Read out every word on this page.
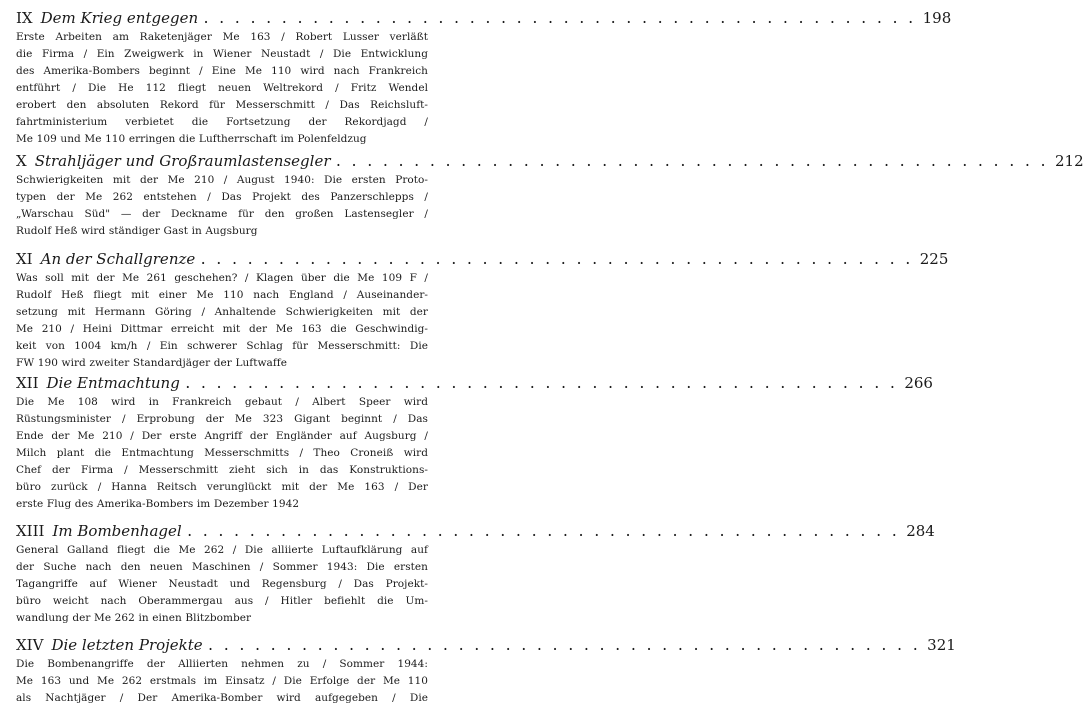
IX Dem Krieg entgegen . . . . . . . . . . . . . . . . . . . . . . . . . . . . . . . . . . . . . . . . . . . . . . 198
Erste Arbeiten am Raketenjäger Me 163 / Robert Lusser verläßt
die Firma / Ein Zweigwerk in Wiener Neustadt / Die Entwicklung
des Amerika-Bombers beginnt / Eine Me 110 wird nach Frankreich
entführt / Die He 112 fliegt neuen Weltrekord / Fritz Wendel
erobert den absoluten Rekord für Messerschmitt / Das Reichsluft-
fahrtministerium verbietet die Fortsetzung der Rekordjagd /
Me 109 und Me 110 erringen die Luftherrschaft im Polenfeldzug
X Strahljäger und Großraumlastensegler . . . . . . . . . . . . . . . . . . . . . . . . . . . . . . . . . . . . . . . . . . . . . . 212
Schwierigkeiten mit der Me 210 / August 1940: Die ersten Proto-
typen der Me 262 entstehen / Das Projekt des Panzerschlepps /
„Warschau Süd" — der Deckname für den großen Lastensegler /
Rudolf Heß wird ständiger Gast in Augsburg
XI An der Schallgrenze . . . . . . . . . . . . . . . . . . . . . . . . . . . . . . . . . . . . . . . . . . . . . . 225
Was soll mit der Me 261 geschehen? / Klagen über die Me 109 F /
Rudolf Heß fliegt mit einer Me 110 nach England / Auseinander-
setzung mit Hermann Göring / Anhaltende Schwierigkeiten mit der
Me 210 / Heini Dittmar erreicht mit der Me 163 die Geschwindig-
keit von 1004 km/h / Ein schwerer Schlag für Messerschmitt: Die
FW 190 wird zweiter Standardjäger der Luftwaffe
XII Die Entmachtung . . . . . . . . . . . . . . . . . . . . . . . . . . . . . . . . . . . . . . . . . . . . . . 266
Die Me 108 wird in Frankreich gebaut / Albert Speer wird
Rüstungsminister / Erprobung der Me 323 Gigant beginnt / Das
Ende der Me 210 / Der erste Angriff der Engländer auf Augsburg /
Milch plant die Entmachtung Messerschmitts / Theo Croneiß wird
Chef der Firma / Messerschmitt zieht sich in das Konstruktions-
büro zurück / Hanna Reitsch verunglückt mit der Me 163 / Der
erste Flug des Amerika-Bombers im Dezember 1942
XIII Im Bombenhagel . . . . . . . . . . . . . . . . . . . . . . . . . . . . . . . . . . . . . . . . . . . . . . 284
General Galland fliegt die Me 262 / Die alliierte Luftaufklärung auf
der Suche nach den neuen Maschinen / Sommer 1943: Die ersten
Tagangriffe auf Wiener Neustadt und Regensburg / Das Projekt-
büro weicht nach Oberammergau aus / Hitler befiehlt die Um-
wandlung der Me 262 in einen Blitzbomber
XIV Die letzten Projekte . . . . . . . . . . . . . . . . . . . . . . . . . . . . . . . . . . . . . . . . . . . . . . 321
Die Bombenangriffe der Alliierten nehmen zu / Sommer 1944:
Me 163 und Me 262 erstmals im Einsatz / Die Erfolge der Me 110
als Nachtjäger / Der Amerika-Bomber wird aufgegeben / Die
